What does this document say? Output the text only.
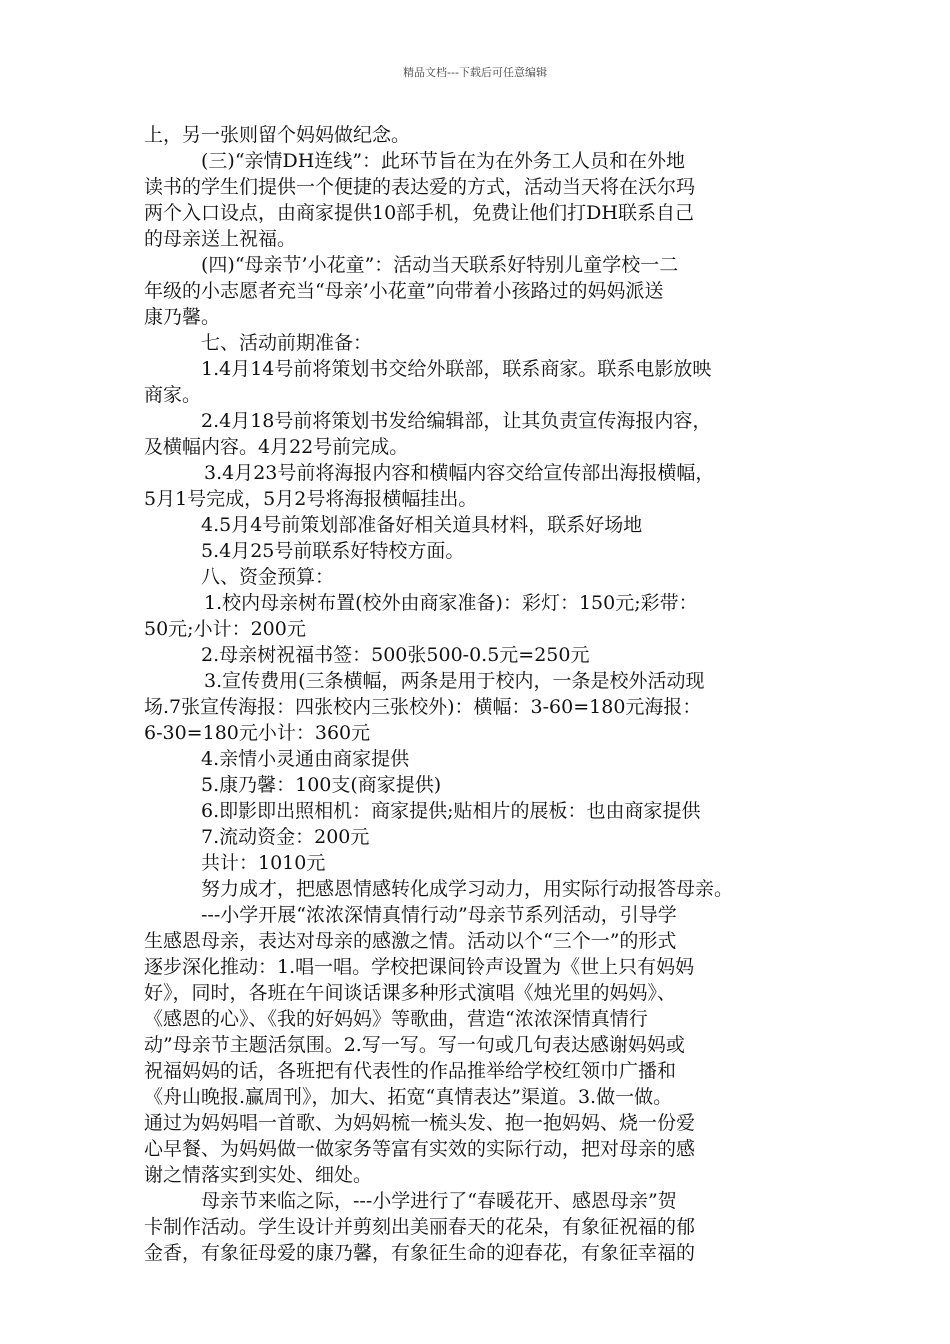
精品文档---下载后可任意编辑
上，另一张则留个妈妈做纪念。
(三)“亲情DH连线”：此环节旨在为在外务工人员和在外地
读书的学生们提供一个便捷的表达爱的方式，活动当天将在沃尔玛
两个入口设点，由商家提供10部手机，免费让他们打DH联系自己
的母亲送上祝福。
(四)“母亲节’小花童”：活动当天联系好特别儿童学校一二
年级的小志愿者充当“母亲’小花童”向带着小孩路过的妈妈派送
康乃馨。
七、活动前期准备：
1.4月14号前将策划书交给外联部，联系商家。联系电影放映
商家。
2.4月18号前将策划书发给编辑部，让其负责宣传海报内容，
及横幅内容。4月22号前完成。
3.4月23号前将海报内容和横幅内容交给宣传部出海报横幅，
5月1号完成，5月2号将海报横幅挂出。
4.5月4号前策划部准备好相关道具材料，联系好场地
5.4月25号前联系好特校方面。
八、资金预算：
1.校内母亲树布置(校外由商家准备)：彩灯：150元;彩带：
50元;小计：200元
2.母亲树祝福书签：500张500-0.5元=250元
3.宣传费用(三条横幅，两条是用于校内，一条是校外活动现
场.7张宣传海报：四张校内三张校外)：横幅：3-60=180元海报：
6-30=180元小计：360元
4.亲情小灵通由商家提供
5.康乃馨：100支(商家提供)
6.即影即出照相机：商家提供;贴相片的展板：也由商家提供
7.流动资金：200元
共计：1010元
努力成才，把感恩情感转化成学习动力，用实际行动报答母亲。
---小学开展“浓浓深情真情行动”母亲节系列活动，引导学
生感恩母亲，表达对母亲的感激之情。活动以个“三个一”的形式
逐步深化推动：1.唱一唱。学校把课间铃声设置为《世上只有妈妈
好》，同时，各班在午间谈话课多种形式演唱《烛光里的妈妈》、
《感恩的心》、《我的好妈妈》等歌曲，营造“浓浓深情真情行
动”母亲节主题活氛围。2.写一写。写一句或几句表达感谢妈妈或
祝福妈妈的话，各班把有代表性的作品推举给学校红领巾广播和
《舟山晚报.赢周刊》，加大、拓宽“真情表达”渠道。3.做一做。
通过为妈妈唱一首歌、为妈妈梳一梳头发、抱一抱妈妈、烧一份爱
心早餐、为妈妈做一做家务等富有实效的实际行动，把对母亲的感
谢之情落实到实处、细处。
母亲节来临之际，---小学进行了“春暖花开、感恩母亲”贺
卡制作活动。学生设计并剪刻出美丽春天的花朵，有象征祝福的郁
金香，有象征母爱的康乃馨，有象征生命的迎春花，有象征幸福的
